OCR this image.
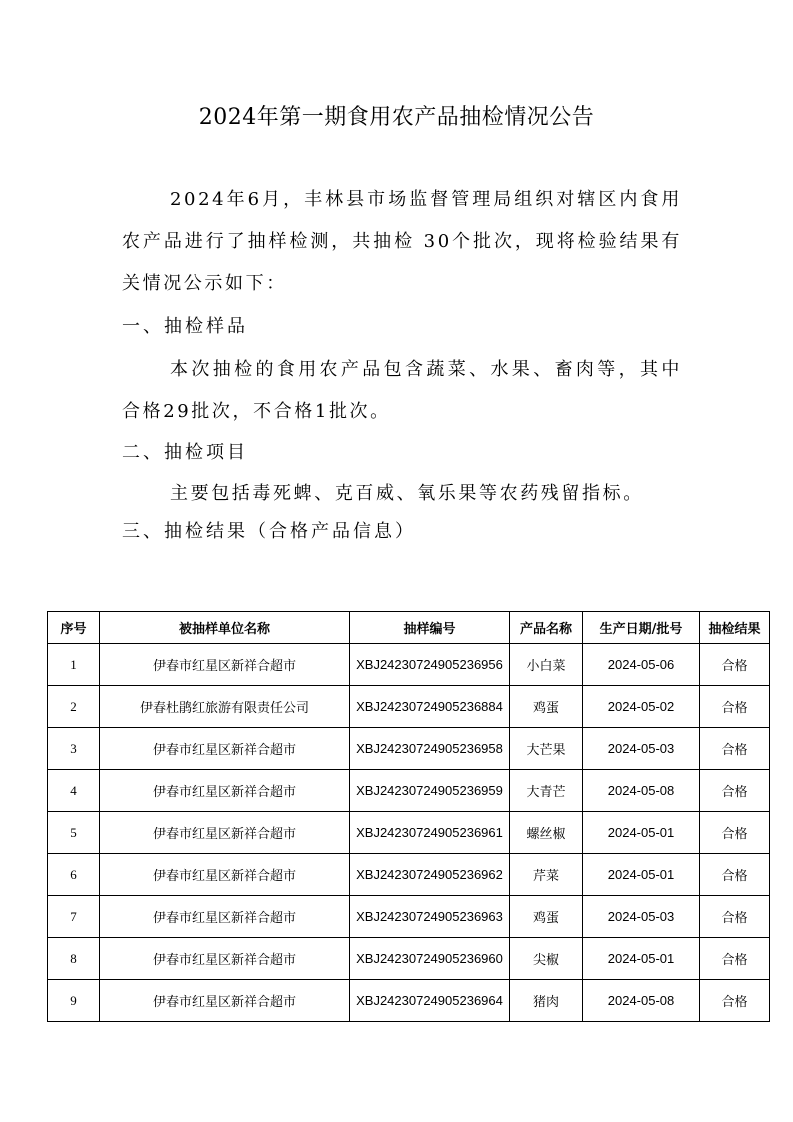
2024年第一期食用农产品抽检情况公告
2024年6月，丰林县市场监督管理局组织对辖区内食用农产品进行了抽样检测，共抽检 30个批次，现将检验结果有关情况公示如下：
一、抽检样品
本次抽检的食用农产品包含蔬菜、水果、畜肉等，其中合格29批次，不合格1批次。
二、抽检项目
主要包括毒死蜱、克百威、氧乐果等农药残留指标。
三、抽检结果（合格产品信息）
序号	被抽样单位名称	抽样编号	产品名称	生产日期/批号	抽检结果
1	伊春市红星区新祥合超市	XBJ24230724905236956	小白菜	2024-05-06	合格
2	伊春杜鹃红旅游有限责任公司	XBJ24230724905236884	鸡蛋	2024-05-02	合格
3	伊春市红星区新祥合超市	XBJ24230724905236958	大芒果	2024-05-03	合格
4	伊春市红星区新祥合超市	XBJ24230724905236959	大青芒	2024-05-08	合格
5	伊春市红星区新祥合超市	XBJ24230724905236961	螺丝椒	2024-05-01	合格
6	伊春市红星区新祥合超市	XBJ24230724905236962	芹菜	2024-05-01	合格
7	伊春市红星区新祥合超市	XBJ24230724905236963	鸡蛋	2024-05-03	合格
8	伊春市红星区新祥合超市	XBJ24230724905236960	尖椒	2024-05-01	合格
9	伊春市红星区新祥合超市	XBJ24230724905236964	猪肉	2024-05-08	合格
